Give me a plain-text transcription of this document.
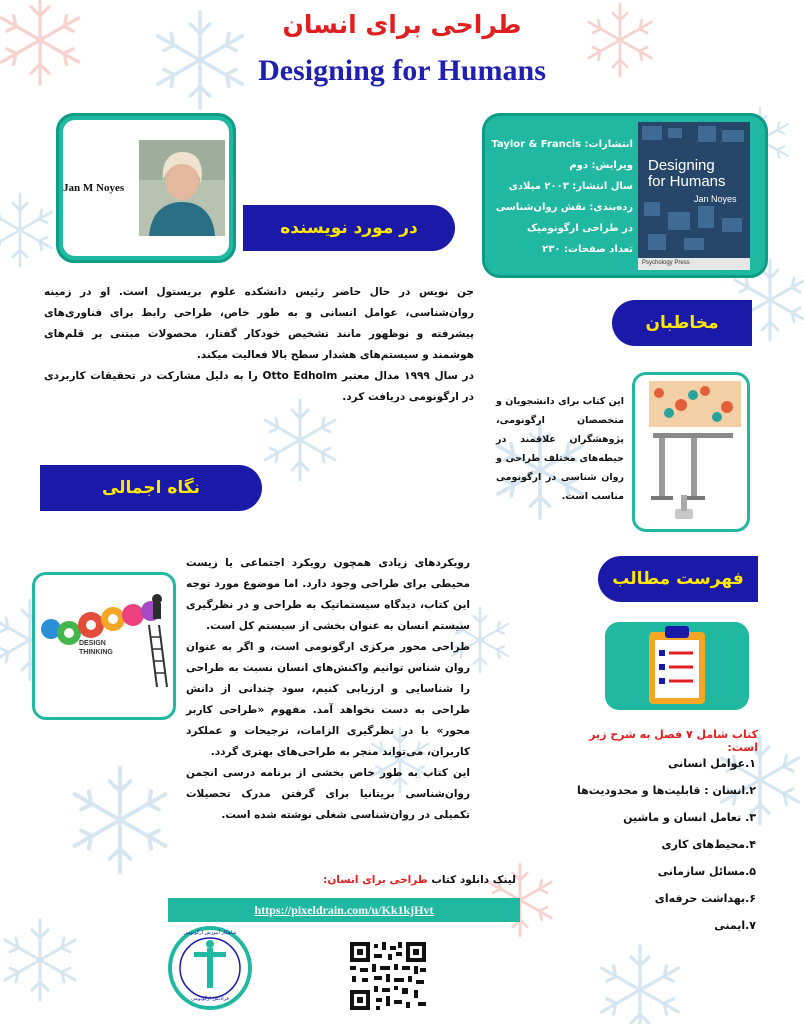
طراحی برای انسان
Designing for Humans
Jan M Noyes
در مورد نویسنده
انتشارات: Taylor & Francis
ویرایش: دوم
سال انتشار: ۲۰۰۳ میلادی
رده‌بندی: نقش روان‌شناسی
در طراحی ارگونومیک
تعداد صفحات: ۲۳۰
Designing
for Humans
Jan Noyes
Psychology Press

جن نویس در حال حاضر رئیس دانشکده علوم بریستول است. او در زمینه روان‌شناسی، عوامل انسانی و به طور خاص، طراحی رابط برای فناوری‌های پیشرفته و نوظهور مانند تشخیص خودکار گفتار، محصولات مبتنی بر قلم‌های هوشمند و سیستم‌های هشدار سطح بالا فعالیت میکند.

در سال ۱۹۹۹ مدال معتبر Otto Edholm را به دلیل مشارکت در تحقیقات کاربردی در ارگونومی دریافت کرد.

مخاطبان
این کتاب برای دانشجویان و متخصصان ارگونومی، پژوهشگران علاقمند در حیطه‌های مختلف طراحی و روان شناسی در ارگونومی مناسب است.
نگاه اجمالی

رویکردهای زیادی همچون رویکرد اجتماعی یا زیست محیطی برای طراحی وجود دارد. اما موضوع مورد توجه این کتاب، دیدگاه سیستماتیک به طراحی و در نظرگیری سیستم انسان به عنوان بخشی از سیستم کل است.

طراحی محور مرکزی ارگونومی است، و اگر به عنوان روان شناس توانیم واکنش‌های انسان نسبت به طراحی را شناسایی و ارزیابی کنیم، سود چندانی از دانش طراحی به دست نخواهد آمد. مفهوم «طراحی کاربر محور» با در نظرگیری الزامات، ترجیحات و عملکرد کاربران، می‌تواند منجر به طراحی‌های بهتری گردد.

این کتاب به طور خاص بخشی از برنامه درسی انجمن روان‌شناسی بریتانیا برای گرفتن مدرک تحصیلات تکمیلی در روان‌شناسی شغلی نوشته شده است.

DESIGN
THINKING
فهرست مطالب
کتاب شامل ۷ فصل به شرح زیر است:
۱.عوامل انسانی
۲.انسان : قابلیت‌ها و محدودیت‌ها
۳. تعامل انسان و ماشین
۴.محیط‌های کاری
۵.مسائل سازمانی
۶.بهداشت حرفه‌ای
۷.ایمنی
لینک دانلود کتاب طراحی برای انسان:
https://pixeldrain.com/u/Kk1kjHvt
شاهکار آموزش ارگونومی
فرادیس ارگونومی
